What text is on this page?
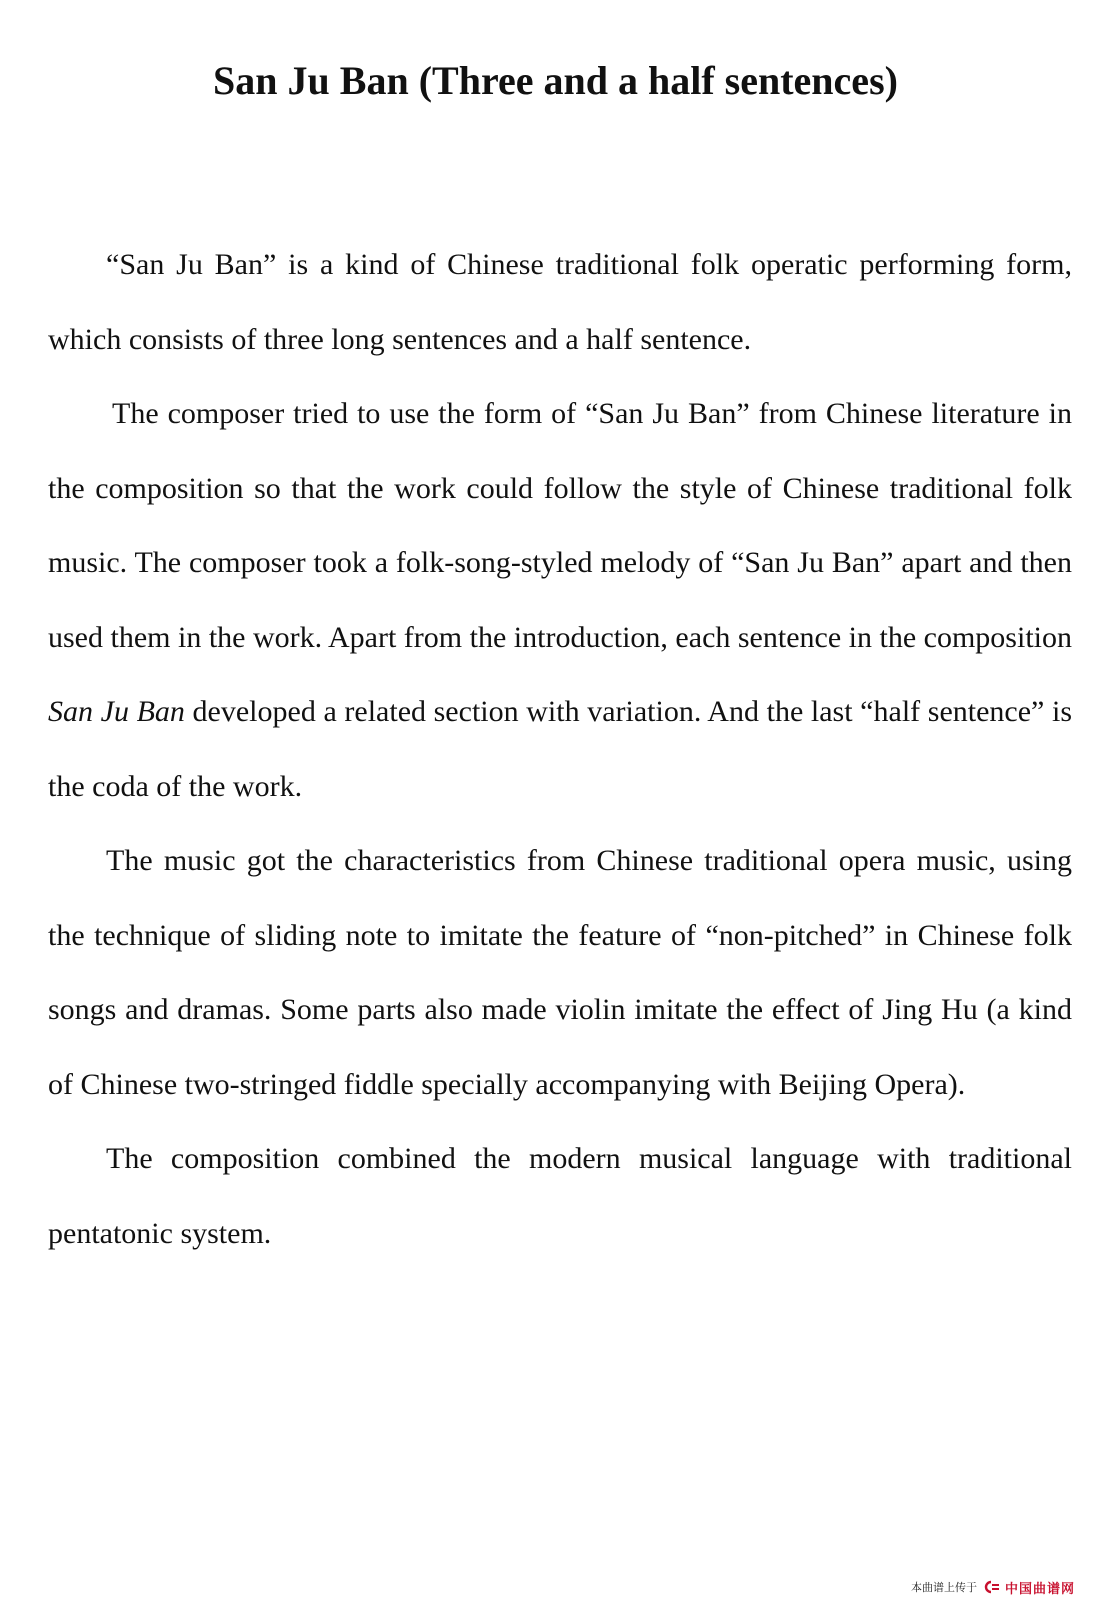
San Ju Ban (Three and a half sentences)

“San Ju Ban” is a kind of Chinese traditional folk operatic performing form, which consists of three long sentences and a half sentence.

The composer tried to use the form of “San Ju Ban” from Chinese literature in the composition so that the work could follow the style of Chinese traditional folk music. The composer took a folk-song-styled melody of “San Ju Ban” apart and then used them in the work. Apart from the introduction, each sentence in the composition San Ju Ban developed a related section with variation. And the last “half sentence” is the coda of the work.

The music got the characteristics from Chinese traditional opera music, using the technique of sliding note to imitate the feature of “non-pitched” in Chinese folk songs and dramas. Some parts also made violin imitate the effect of Jing Hu (a kind of Chinese two-stringed fiddle specially accompanying with Beijing Opera).

The composition combined the modern musical language with traditional pentatonic system.

本曲谱上传于 中国曲谱网
